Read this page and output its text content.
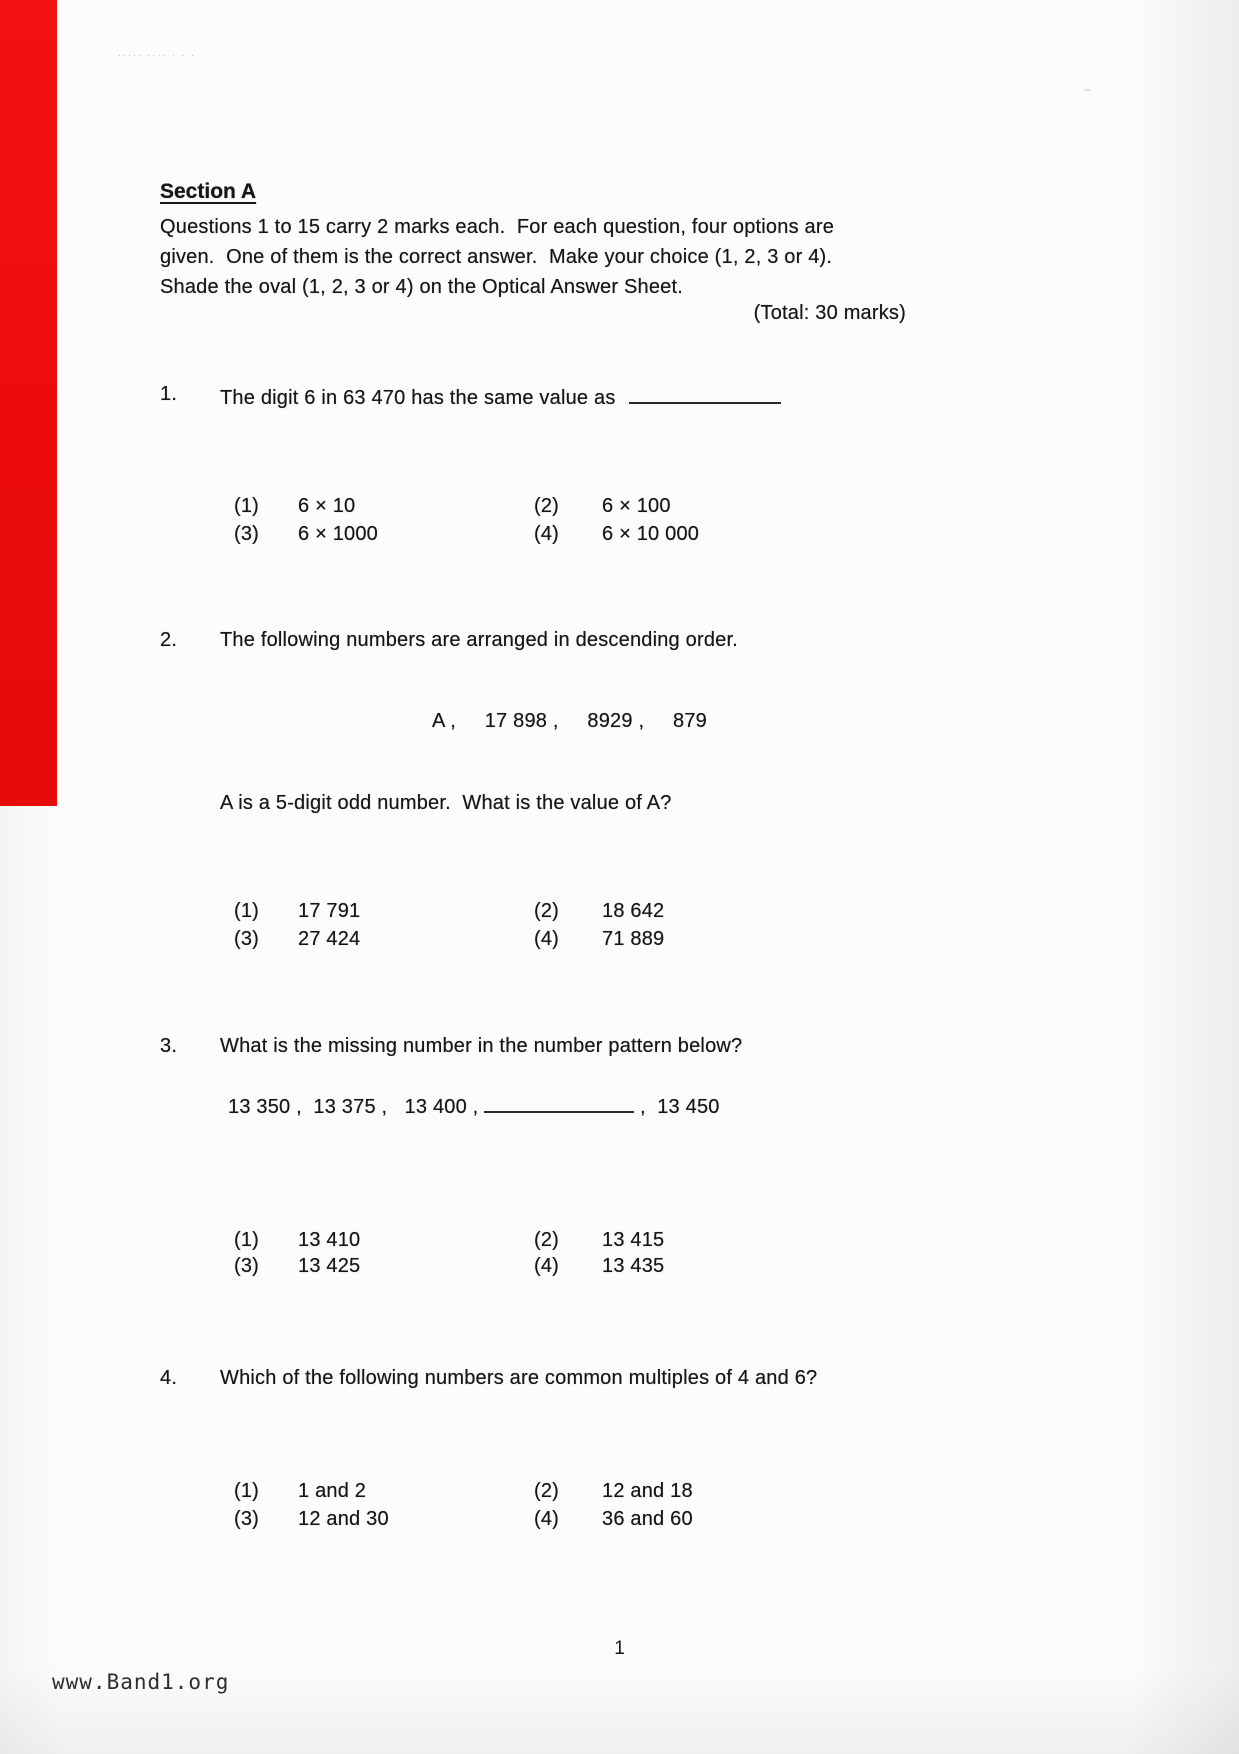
····· ···· · · ·
–
Section A
Questions 1 to 15 carry 2 marks each.  For each question, four options are
given.  One of them is the correct answer.  Make your choice (1, 2, 3 or 4).
Shade the oval (1, 2, 3 or 4) on the Optical Answer Sheet.
(Total: 30 marks)
1. The digit 6 in 63 470 has the same value as
(1)	6 × 10	(2)	6 × 100
(3)	6 × 1000	(4)	6 × 10 000
2. The following numbers are arranged in descending order.
A ,     17 898 ,     8929 ,     879
A is a 5-digit odd number.  What is the value of A?
(1)	17 791	(2)	18 642
(3)	27 424	(4)	71 889
3. What is the missing number in the number pattern below?
13 350 ,  13 375 ,   13 400 ,	,  13 450
(1)	13 410	(2)	13 415
(3)	13 425	(4)	13 435
4. Which of the following numbers are common multiples of 4 and 6?
(1)	1 and 2	(2)	12 and 18
(3)	12 and 30	(4)	36 and 60
1
www.Band1.org
